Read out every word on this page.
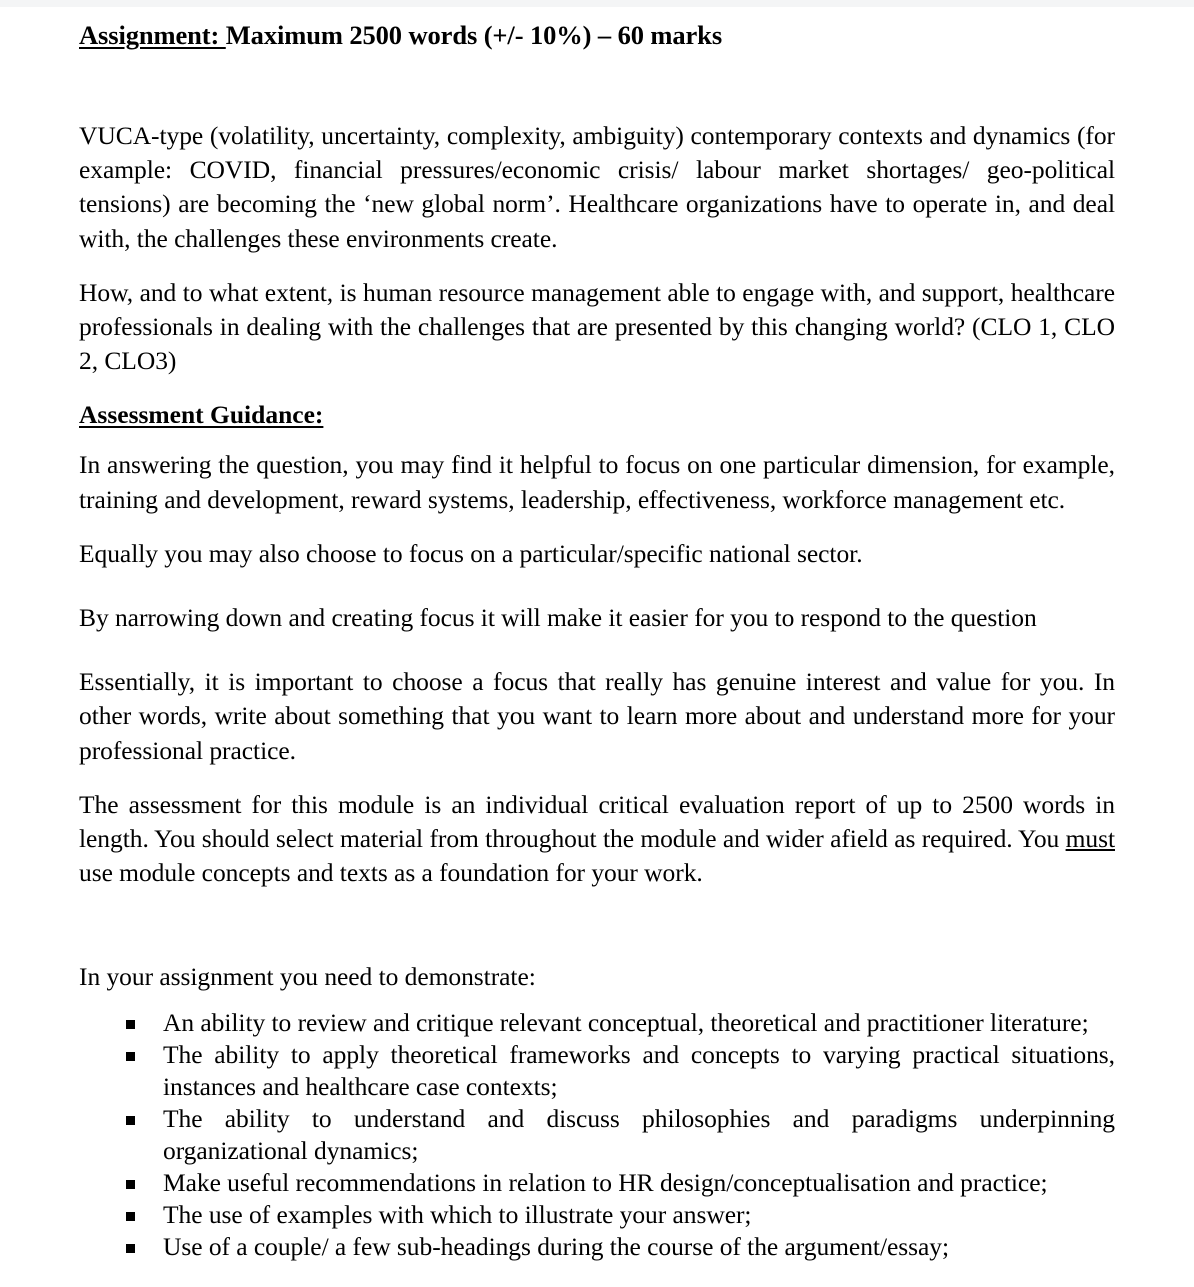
Assignment: Maximum 2500 words (+/- 10%) – 60 marks

VUCA-type (volatility, uncertainty, complexity, ambiguity) contemporary contexts and dynamics (for example: COVID, financial pressures/economic crisis/ labour market shortages/ geo-political tensions) are becoming the ‘new global norm’. Healthcare organizations have to operate in, and deal with, the challenges these environments create.

How, and to what extent, is human resource management able to engage with, and support, healthcare professionals in dealing with the challenges that are presented by this changing world? (CLO 1, CLO 2, CLO3)

Assessment Guidance:

In answering the question, you may find it helpful to focus on one particular dimension, for example, training and development, reward systems, leadership, effectiveness, workforce management etc.

Equally you may also choose to focus on a particular/specific national sector.

By narrowing down and creating focus it will make it easier for you to respond to the question

Essentially, it is important to choose a focus that really has genuine interest and value for you. In other words, write about something that you want to learn more about and understand more for your professional practice.

The assessment for this module is an individual critical evaluation report of up to 2500 words in length. You should select material from throughout the module and wider afield as required. You must use module concepts and texts as a foundation for your work.

In your assignment you need to demonstrate:

An ability to review and critique relevant conceptual, theoretical and practitioner literature;
The ability to apply theoretical frameworks and concepts to varying practical situations, instances and healthcare case contexts;
The ability to understand and discuss philosophies and paradigms underpinning organizational dynamics;
Make useful recommendations in relation to HR design/conceptualisation and practice;
The use of examples with which to illustrate your answer;
Use of a couple/ a few sub-headings during the course of the argument/essay;
